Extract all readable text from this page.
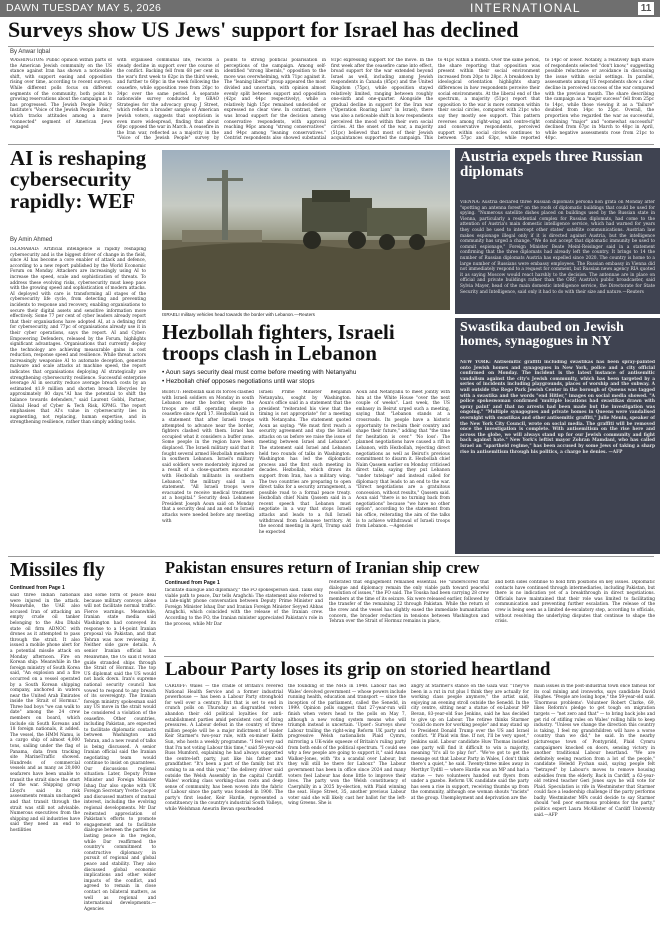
DAWN TUESDAY MAY 5, 2026	INTERNATIONAL	11
Surveys show US Jews' support for Israel has declined
By Anwar Iqbal
WASHINGTON: Public opinion within parts of the American Jewish community on the US stance against Iran has shown a noticeable shift, with support easing and opposition rising over time, according to recent surveys. While different polls focus on different segments of the community, both point to growing reservations about the campaign as it has progressed. The Jewish People Policy Institute's "Voice of the Jewish People Index," which tracks attitudes among a more "connected" segment of American Jews engaged
with organised communal life, records a steady decline in support over the course of the conflict. Backing fell from 68 per cent in the war's first week to 62pc in the third week, and further to 60pc in the week following the ceasefire, while opposition rose from 26pc to 34pc over the same period. A separate nationwide survey conducted by GBAO Strategies for the advocacy group J Street, which reflects a broader sample of American Jewish voters, suggests that scepticism is even more widespread, finding that about 60pc opposed the war in March. A ceasefire in the Iran war, reflected as a majority in the "Voice of the Jewish People" survey by
points to strong political polarisation in perceptions of the campaign. Among self-identified "strong liberals," opposition to the move was overwhelming, with 71pc against it. The "leaning liberal" group appeared the most divided and uncertain, with opinion almost evenly split between support and opposition (42pc and 44pc respectively), while a relatively high 15pc remained undecided or expressed no clear view. In contrast, there was broad support for the decision among conservative respondents, with approval reaching 96pc among "strong conservatives" and 94pc among "leaning conservatives." Centrist respondents also showed substantial
81pc expressing support for the move. In the first week after the ceasefire came into effect, broad support for the war extended beyond Israel as well, including among Jewish respondents in Canada (85pc) and the United Kingdom (75pc), while opposition stayed relatively limited, ranging between roughly one-sixth and one-quarter. Alongside the gradual decline in support for the Iran war ("Operation Roaring Lion" in Israel), there was also a noticeable shift in how respondents perceived the mood within their own social circles. At the onset of the war, a majority (51pc) believed that most of their Jewish acquaintances supported the campaign. This
to 41pc within a month. Over the same period, the share reporting that opposition was present within their social environment increased from 20pc to 28pc. A breakdown by ideological orientation highlights sharp differences in how respondents perceive their social environments. At the liberal end of the spectrum, a majority (51pc) report that opposition to the war is more common within their social circles, compared with 21pc who say they mostly see support. This pattern reverses among right-wing and centre-right and conservative respondents, perceived support within social circles continues to between 57pc and 63pc, while reported
to 14pc or lower. Notably, a relatively high share of respondents selected "don't know," suggesting possible reluctance or avoidance in discussing the issue within social settings. In parallel, assessments among US respondents show a clear decline in perceived success of the war compared with the previous month. The share describing the campaign as a "major success" fell from 25pc to 14pc, while those viewing it as a "failure" doubled from 14pc to 25pc. Overall, the proportion who regarded the war as successful, combining "major" and "somewhat successful" declined from 67pc in March to 48pc in April, while negative assessments rose from 21pc to 40pc.
AI is reshaping cybersecurity rapidly: WEF
By Amin Ahmed
ISLAMABAD: Artificial intelligence is rapidly reshaping cybersecurity and is the biggest driver of change in the field, since AI has become a core enabler of attack and defence, according to a new report published by the World Economic Forum on Monday. Attackers are increasingly using AI to increase the speed, scale and sophistication of threats. To address these evolving risks, cybersecurity must keep pace with the growing speed and sophistication of modern attacks. AI deployed with care is transforming all stages of the cybersecurity life cycle, from detecting and preventing incidents to response and recovery, enabling organisations to secure their digital assets and sensitive information more effectively. Some 77 per cent of cyber leaders already report that their organisations have adopted AI, at a defining first for cybersecurity, and 77pc of organisations already use it in their cyber operations, says the report. AI and Cyber: Empowering Defenders, released by the Forum, highlights significant advantages. Organisations that currently deploy the technology are achieving measurable gains in cost reduction, response speed and resilience. While threat actors increasingly weaponise AI to automate deception, generate malware and scale attacks at machine speed, the report indicates that organisations deploying AI strategically are strengthening cybersecurity resilience. Successful enterprise leverage AI in security reduce average breach costs by an estimated $1.9 million and shorten breach lifecycles by approximately 80 days."AI has the potential to shift the balance towards defenders," said Laurent Gobbi, Partner, Global Head of Cyber & Tech Risk, KPMG. The report emphasises that AI's value in cybersecurity lies in augmenting, not replacing, human expertise, and in strengthening resilience, rather than simply adding tools.
ISRAELI military vehicles head towards the border with Lebanon.—Reuters
Hezbollah fighters, Israeli troops clash in Lebanon
• Aoun says security deal must come before meeting with Netanyahu
• Hezbollah chief opposes negotiations until war stops
BEIRUT: Hezbollah said its forces clashed with Israeli soldiers on Monday in south Lebanon near the border, where the troops are still operating despite a ceasefire since April 17. Hezbollah said in a statement that after Israeli troops attempted to advance near the border, fighters clashed with them. Israel has occupied what it considers a buffer zone. Some people in the region have been displaced. The Israeli military said that it fought several armed Hezbollah members in southern Lebanon. Israel's military said soldiers were moderately injured as a result of a close-quarters encounter with Hezbollah militants in southern Lebanon," the military said in a statement. "All Israeli troops were evacuated to receive medical treatment at a hospital." Security deal: Lebanese President Joseph Aoun said on Monday that a security deal and an end to Israeli attacks were needed before any meeting with
Israeli Prime Minister Benjamin Netanyahu, sought by Washington. Aoun's office said in a statement that the president "reiterated his view that the timing is not appropriate" for a meeting with Netanyahu. The statement quoted Aoun as saying: "We must first reach a security agreement and stop the Israeli attacks on us before we raise the issue of meeting between Israel and Lebanon". The statement said Israel and Lebanon held two rounds of talks in Washington. Washington has led the diplomatic process and the first such meeting in decades. Hezbollah, which draws its support from Iran, has a military wing. The two countries are preparing to open direct talks for a security arrangement, a possible road to a formal peace treaty. Hezbollah chief Naim Qassem said in a recent speech that Lebanon must negotiate in a way that stops Israeli attacks and leads to a full Israeli withdrawal from Lebanese territory. At the second meeting in April, Trump said he expected
Aoun and Netanyahu to meet jointly with him at the White House "over the next couple of weeks". Last week, the US embassy in Beirut urged such a meeting, saying that "Lebanon stands at a crossroads. Its people have a historic opportunity to reclaim their country and shape their future," adding that "the time for hesitation is over." 'No loss': The planned negotiations have caused a rift in Lebanon, with Hezbollah, rejecting direct negotiations as well as Beirut's previous commitment to disarm it. Hezbollah chief Naim Qassem earlier on Monday criticised direct talks, saying they put Lebanon "under tutelage" and instead called for diplomacy that leads to an end to the war. "Direct negotiations are a gratuitous concession, without results," Qassem said. Aoun said "there is no turning back from negotiations" because "we have no other option", according to the statement from his office, reiterating the aim of the talks is to achieve withdrawal of Israeli troops from Lebanon. —Agencies
Austria expels three Russian diplomats
VIENNA: Austria declared three Russian diplomats persona non grata on Monday after "spotting an antenna forest" on the roofs of diplomatic buildings that could be used for spying. "Numerous satellite dishes placed on buildings used by the Russian state in Vienna, particularly a residential complex for Russian diplomats, had come to the attention of Austria's main domestic intelligence service, which had warned for years they could be used to intercept other states' satellite communications. Austrian law makes espionage illegal only if it is directed against Austria, but the intelligence community has urged a change. "We do not accept that diplomatic immunity be used to commit espionage," Foreign Minister Beate Meinl-Reisinger said in a statement confirming that the three diplomats had already left the country. It brings to 14 the number of Russian diplomats Austria has expelled since 2020. The country is home to a large number of Russians were embassy employees. The Russian embassy in Vienna did not immediately respond to a request for comment, but Russian news agency RIA quoted it as saying Moscow would react harshly to the decision. The antennae are in place on official and private buildings rather than the ORF, Austria's public broadcaster, said Sylvia Mayer, head of the main domestic intelligence service, the Directorate for State Security and Intelligence, said only it had to do with their size and nature.—Reuters
Swastika daubed on Jewish homes, synagogues in NY
NEW YORK: Antisemitic graffiti including swastikas has been spray-painted onto Jewish homes and synagogues in New York, police and a city official confirmed on Monday. The incident is the latest instance of antisemitic vandalism against the city's Jewish community, which has been targeted by a series of incidents including playgrounds, places of worship and the subway. A wall outside the Rego Park Jewish Center in the borough of Queens was tagged with a swastika and the words "end Hitler," images on social media showed. "A police spokeswoman confirmed 'multiple locations had swastikas drawn with spray paint' and that no arrests had been made but the investigation was ongoing." "Multiple synagogues and private homes in Queens were vandalised overnight with swastikas and other antisemitic graffiti," Julie Menin, speaker of the New York City Council, wrote on social media. The graffiti will be removed once the investigation is complete. With antisemitism on the rise here and across the globe, we will always stand up for our Jewish community and fight back against hate." New York's leftist mayor Zohran Mamdani, who has called Israel an "apartheid regime," has been accused by some Jews of taking a sharp rise in antisemitism through his politics, a charge he denies. —AFP
Missiles fly
Continued from Page 1
said three Indian nationals were injured in the attack. Meanwhile, the UAE also accused Iran of attacking an empty crude oil tanker belonging to the Abu Dhabi state oil firm ADNOC with drones as it attempted to pass through the strait. It also issued a mobile phone alert for a potential missile attack on Monday afternoon. Fire on Korean ship: Meanwhile in the foreign ministry of South Korea said, "An explosion and a fire occurred on a vessel operated by a South Korean shipping company, anchored in waters near the United Arab Emirates inside the Strait of Hormuz." Three bad boys "we can walk to date" among the 24 crew members on board, which include six South Koreans and 18 foreign nationals, it added. The vessel, the HMM Namu, is a cargo ship of almost 4,000 tons, sailing under the flag of Panama, data from tracking site MarineTraffic showed. Hundreds of commercial vessels and as many as 20,000 seafarers have been unable to transit the strait since the start of the war. Shipping group Lloyd's said its risk assessments remain unchanged and that transit through the strait was still not advisable. Numerous executives from the shipping and oil industries have said they need an end to hostilities
and some form of peace deal because military convoys alone will not facilitate normal traffic. Fierce warnings. Meanwhile, Iranian state media said Washington had conveyed its response to a 14-point Iranian proposal via Pakistan, and that Tehran was now reviewing it. Neither side gave details. A senior Iranian official has
Meanwhile, the US said it would guide stranded ships through the Strait of Hormuz. The top US diplomat said the US would not back down. Iran's supreme national security council has vowed to respond to any breach of its sovereignty. The Iranian foreign ministry spokesman said any US move in the strait would be considered a violation of the ceasefire. Other countries, including Pakistan, are expected to facilitate diplomatic contacts between Washington and Tehran, and a new round of talks is being discussed. A senior Iranian official said the Iranian negotiating team would continue to insist on guarantees. Our discussions regional situation: Later, Deputy Prime Minister and Foreign Minister Ishaq Dar also spoke with UK Foreign Secretary Yvette Cooper and discussed matters of mutual interest, including the evolving regional developments. Mr Dar reiterated appreciation of Pakistan's efforts to promote engagement and to facilitate dialogue between the parties for lasting peace in the region, while Dar reaffirmed the country's commitment to constructive diplomacy in pursuit of regional and global peace and stability. They also discussed global economic implications and other wider impacts of the conflict, and agreed to remain in close contact on bilateral matters, as well as regional and international developments.—Agencies
Pakistan ensures return of Iranian ship crew
Continued from Page 1
facilitate dialogue and diplomacy," the FO spokesperson said. Talks only viable path to peace, Dar tells Araghchi: The statement also referred to a late-night phone conversation between Deputy Prime Minister and Foreign Minister Ishaq Dar and Iranian Foreign Minister Seyyed Abbas Araghchi, which coincided with the release of the Iranian crew. According to the FO, the Iranian minister appreciated Pakistan's role in the process, while Mr Dar
reiterated that engagement remained essential. He "underscored that dialogue and diplomacy remain the only viable path toward peaceful resolution of issues," the FO said. The Touska had been carrying 28 crew members at the time of its seizure. Six were released earlier, followed by the transfer of the remaining 22 through Pakistan. While the return of the crew and the vessel has slightly eased the immediate humanitarian concern, the broader reduction in tensions between Washington and Tehran over the Strait of Hormuz remains in place,
and both sides continue to hold firm positions on key issues. Diplomatic contacts have continued through intermediaries, including Pakistan, but there is no indication yet of a breakthrough in direct negotiations. Officials have maintained that their role was limited to facilitating communication and preventing further escalation. The release of the crew is being seen as a limited de-escalatory step, according to officials, without resolving the underlying disputes that continue to shape the crisis.
Labour Party loses its grip on storied heartland
CARDIFF: Wales — the cradle of Britain's revered National Health Service and a former industrial powerhouse — has been a Labour Party stronghold for well over a century. But that is set to end in crunch polls on Thursday as disgruntled voters abandon their old political loyalties for anti-establishment parties amid persistent cost of living pressures. A Labour defeat in the country of three million people will be a major indictment of leader Keir Starmer's two-year rule, with ex-miner Keith Sun, who hosts a weekly programme. "I feel very sad that I'm not voting Labour this time," said 59-year-old Russ Mumford, explaining he had always supported the centre-left party, just like his father and grandfather. "It's been a part of the family but it's coming to an end this year," the delivery driver said outside the Welsh Assembly in the capital Cardiff. Wales' working class working-class roots and deep sense of community, has been woven into the fabric of Labour since the party was founded in 1900. The party's first leader, Keir Hardie, represented a constituency in the country's industrial South Valleys, while Welshman Aneurin Bevan spearheaded
the founding of the NHS in 1948. Labour has led Wales' devolved government — whose powers include running health, education and transport — since the inception of the parliament, called the Senedd, in 1999. Opinion polls suggest that 27-year-run will finish when voters head to the polls on May 7, although a new voting system means who will triumph instead is uncertain. 'Upset': Surveys show Labour trailing the right-wing Reform UK party and progressive Welsh nationalists Plaid Cymru, mirroring a UK-wide squeeze of Britain's ruling party from both ends of the political spectrum. "I could see why a few people are going to support it," said Anna Walker-Jones, with "its a scandal over Labour, but they will still be there for Labour." The Labour government has been in office since 2024 and many voters feel Labour has done little to improve their lives. The party won the Welsh constituency of Caerphilly in a 2025 by-election, with Plaid winning the seat. Hope Street, 35, another previous Labour voter said she will likely cast her ballot for the left-wing Greens. She is
angry at Starmer's stance on the Gaza war. "They've been in a rut in rut plus I think they are actually for working class people anymore," the artist said, enjoying an evening stroll outside the Senedd. In the city centre, sitting near a statue of ex-Labour MP Bevan, 83-year-old Sue Jenkins, said he has decided to give up on Labour. The retiree thinks Starmer "could do more for working people" and may stand up to President Donald Trump over the US and Israel conflict. "If Plaid win fine. If not, I'll be very upset," Jenkins said. Labour candidate Huw Thomas insisted one party will find it difficult to win a majority, meaning "it's all to play for". "We've got to get the message out that Labour Party in Wales, I don't think there's a quiet," he said. Twenty-three miles away in Merthyr Tydfil — where Hardie was an MP and had a statue — two volunteers handed out flyers from under a gazebo. Reform UK candidate said the party has seen a rise in support, receiving thumbs up from the community, although one woman shouts "racists" at the group. Unemployment and deprivation are the
main issues in the post-industrial town once famous for its coal mining and ironworks, says candidate David Hughes. "People are losing hope," the 59-year-old said. 'Enormous problems': Volunteer Robert Clarke, 69, likes Reform's pledge to get tough on migration targets — "net zero and that" — to bring back jobs and get rid of stifling rules on Wales' rolling hills to keep industry. "Unless we change the direction this country is taking, I feel my grandchildren will have a worse country than we did," he said. In the nearby picturesque town of Pontypridd, Plaid Cymru campaigners knocked on doors, sensing victory in another traditional Labour heartland. "We are definitely seeing reaction from a lot of the people," candidate Heledd Fychan said, saying people felt "betrayed" by Labour's moves to remove housing subsidies from the elderly. Back in Cardiff, a 62-year-old retired teacher Geri Jones says he will vote for Plaid. Speculation is rife in Westminster that Starmer could face a leadership challenge if the party performs badly. Westminster MPs could decide to say Starmer should "sell poor enormous problems for the party," politics expert Laura McAllister of Cardiff University said.—AFP
